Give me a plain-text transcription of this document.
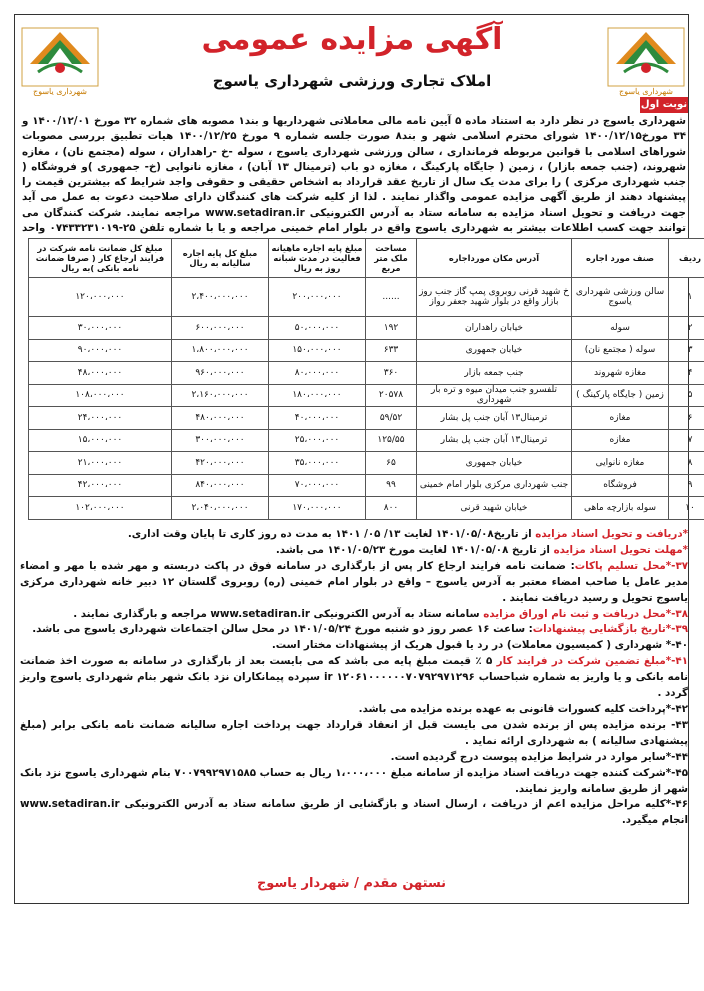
شهرداری یاسوج	شهرداری یاسوج
آگهی مزایده عمومی
املاک تجاری ورزشی شهرداری یاسوج
نوبت اول
شهرداری یاسوج در نظر دارد به استناد ماده ۵ آیین نامه مالی معاملاتی شهرداریها و بند۱ مصوبه های شماره ۳۲ مورخ ۱۴۰۰/۱۲/۰۱ و ۳۴ مورخ۱۴۰۰/۱۲/۱۵ شورای محترم اسلامی شهر و بند۸ صورت جلسه شماره ۹ مورخ ۱۴۰۰/۱۲/۲۵ هیات تطبیق بررسی مصوبات شوراهای اسلامی با قوانین مربوطه فرمانداری ، سالن ورزشی شهرداری یاسوج ، سوله -خ -راهداران ، سوله (مجتمع نان) ، مغازه شهروند، (جنب جمعه بازار) ، زمین ( جایگاه پارکینگ ، مغازه دو باب (ترمینال ۱۳ آبان) ، مغازه نانوایی (خ- جمهوری )و فروشگاه ( جنب شهرداری مرکزی ) را برای مدت یک سال از تاریخ عقد قرارداد به اشخاص حقیقی و حقوقی واجد شرایط که بیشترین قیمت را پیشنهاد دهند از طریق آگهی مزایده عمومی واگذار نمایند . لذا از کلیه شرکت های کنندگان دارای صلاحیت دعوت به عمل می آید جهت دریافت و تحویل اسناد مزایده به سامانه ستاد به آدرس الکترونیکی www.setadiran.ir مراجعه نمایند. شرکت کنندگان می توانند جهت کسب اطلاعات بیشتر به شهرداری یاسوج واقع در بلوار امام خمینی مراجعه و یا با شماره تلفن ۲۵-۰۷۴۳۳۲۳۱۰۱۹ واحد
ردیف	صنف مورد اجاره	آدرس مکان مورداجاره	مساحت ملک متر مربع	مبلغ پایه اجاره ماهیانه فعالیت در مدت شبانه روز به ریال	مبلغ کل پایه اجاره سالیانه به ریال	مبلغ کل ضمانت نامه شرکت در فرایند ارجاع کار ( صرفا ضمانت نامه بانکی )به ریال
۱	سالن ورزشی شهرداری یاسوج	خ شهید قرنی روبروی پمپ گاز جنب روز بازار واقع در بلوار شهید جعفر رواز	......	۲۰۰،۰۰۰،۰۰۰	۲،۴۰۰،۰۰۰،۰۰۰	۱۲۰،۰۰۰،۰۰۰
۲	سوله	خیابان راهداران	۱۹۲	۵۰،۰۰۰،۰۰۰	۶۰۰،۰۰۰،۰۰۰	۳۰،۰۰۰،۰۰۰
۳	سوله ( مجتمع نان)	خیابان جمهوری	۶۳۳	۱۵۰،۰۰۰،۰۰۰	۱،۸۰۰،۰۰۰،۰۰۰	۹۰،۰۰۰،۰۰۰
۴	مغازه شهروند	جنب جمعه بازار	۳۶۰	۸۰،۰۰۰،۰۰۰	۹۶۰،۰۰۰،۰۰۰	۴۸،۰۰۰،۰۰۰
۵	زمین ( جایگاه پارکینگ )	تلفسرو جنب میدان میوه و تره بار شهرداری	۲۰۵۷۸	۱۸۰،۰۰۰،۰۰۰	۲،۱۶۰،۰۰۰،۰۰۰	۱۰۸،۰۰۰،۰۰۰
۶	مغازه	ترمینال۱۳ آبان جنب پل بشار	۵۹/۵۲	۴۰،۰۰۰،۰۰۰	۴۸۰،۰۰۰،۰۰۰	۲۴،۰۰۰،۰۰۰
۷	مغازه	ترمینال۱۳ آبان جنب پل بشار	۱۲۵/۵۵	۲۵،۰۰۰،۰۰۰	۳۰۰،۰۰۰،۰۰۰	۱۵،۰۰۰،۰۰۰
۸	مغازه نانوایی	خیابان جمهوری	۶۵	۳۵،۰۰۰،۰۰۰	۴۲۰،۰۰۰،۰۰۰	۲۱،۰۰۰،۰۰۰
۹	فروشگاه	جنب شهرداری مرکزی بلوار امام خمینی	۹۹	۷۰،۰۰۰،۰۰۰	۸۴۰،۰۰۰،۰۰۰	۴۲،۰۰۰،۰۰۰
۱۰	سوله بازارچه ماهی	خیابان شهید قرنی	۸۰۰	۱۷۰،۰۰۰،۰۰۰	۲،۰۴۰،۰۰۰،۰۰۰	۱۰۲،۰۰۰،۰۰۰

*دریافت و تحویل اسناد مزایده از تاریخ۱۴۰۱/۰۵/۰۸ لغایت ۱۳/ ۰۵/ ۱۴۰۱ به مدت ده روز کاری تا پایان وقت اداری.

*مهلت تحویل اسناد مزایده از تاریخ ۱۴۰۱/۰۵/۰۸ لغایت مورخ ۱۴۰۱/۰۵/۲۳ می باشد.

۳۷-*محل تسلیم پاکات: ضمانت نامه فرایند ارجاع کار پس از بارگذاری در سامانه فوق در پاکت دربسته و مهر شده با مهر و امضاء مدیر عامل یا صاحب امضاء معتبر به آدرس یاسوج – واقع در بلوار امام خمینی (ره) روبروی گلستان ۱۲ دبیر خانه شهرداری مرکزی یاسوج تحویل و رسید دریافت نمایند .

۳۸-*محل دریافت و ثبت نام اوراق مزایده سامانه ستاد به آدرس الکترونیکی www.setadiran.ir مراجعه و بارگذاری نمایند .

۳۹-*تاریخ بازگشایی پیشنهادات: ساعت ۱۶ عصر روز دو شنبه مورخ ۱۴۰۱/۰۵/۲۴ در محل سالن اجتماعات شهرداری یاسوج می باشد.

۴۰-* شهرداری ( کمیسیون معاملات) در رد یا قبول هریک از پیشنهادات مختار است.

۴۱-*مبلغ تضمین شرکت در فرایند کار ۵ ٪ قیمت مبلغ پایه می باشد که می بایست بعد از بارگذاری در سامانه به صورت اخذ ضمانت نامه بانکی و یا واریز به شماره شباحساب ۱۲۰۶۱۰۰۰۰۰۰۷۰۷۹۲۹۷۱۲۹۶ ir سپرده پیمانکاران نزد بانک شهر بنام شهرداری یاسوج واریز گردد .

۴۲-*پرداخت کلیه کسورات قانونی به عهده برنده مزایده می باشد.

۴۳- برنده مزایده پس از برنده شدن می بایست قبل از انعقاد قرارداد جهت پرداخت اجاره سالیانه ضمانت نامه بانکی برابر (مبلغ پیشنهادی سالیانه ) به شهرداری ارائه نماید .

۴۴-*سایر موارد در شرایط مزایده پیوست درج گردیده است.

۴۵-*شرکت کننده جهت دریافت اسناد مزایده از سامانه مبلغ ۱،۰۰۰،۰۰۰ ریال به حساب ۷۰۰۷۹۹۲۹۷۱۵۸۵ بنام شهرداری یاسوج نزد بانک شهر از طریق سامانه واریز نمایند.

۴۶-*کلیه مراحل مزایده اعم از دریافت ، ارسال اسناد و بازگشایی از طریق سامانه ستاد به آدرس الکترونیکی www.setadiran.ir انجام میگیرد.

نستهن مقدم / شهردار یاسوج
